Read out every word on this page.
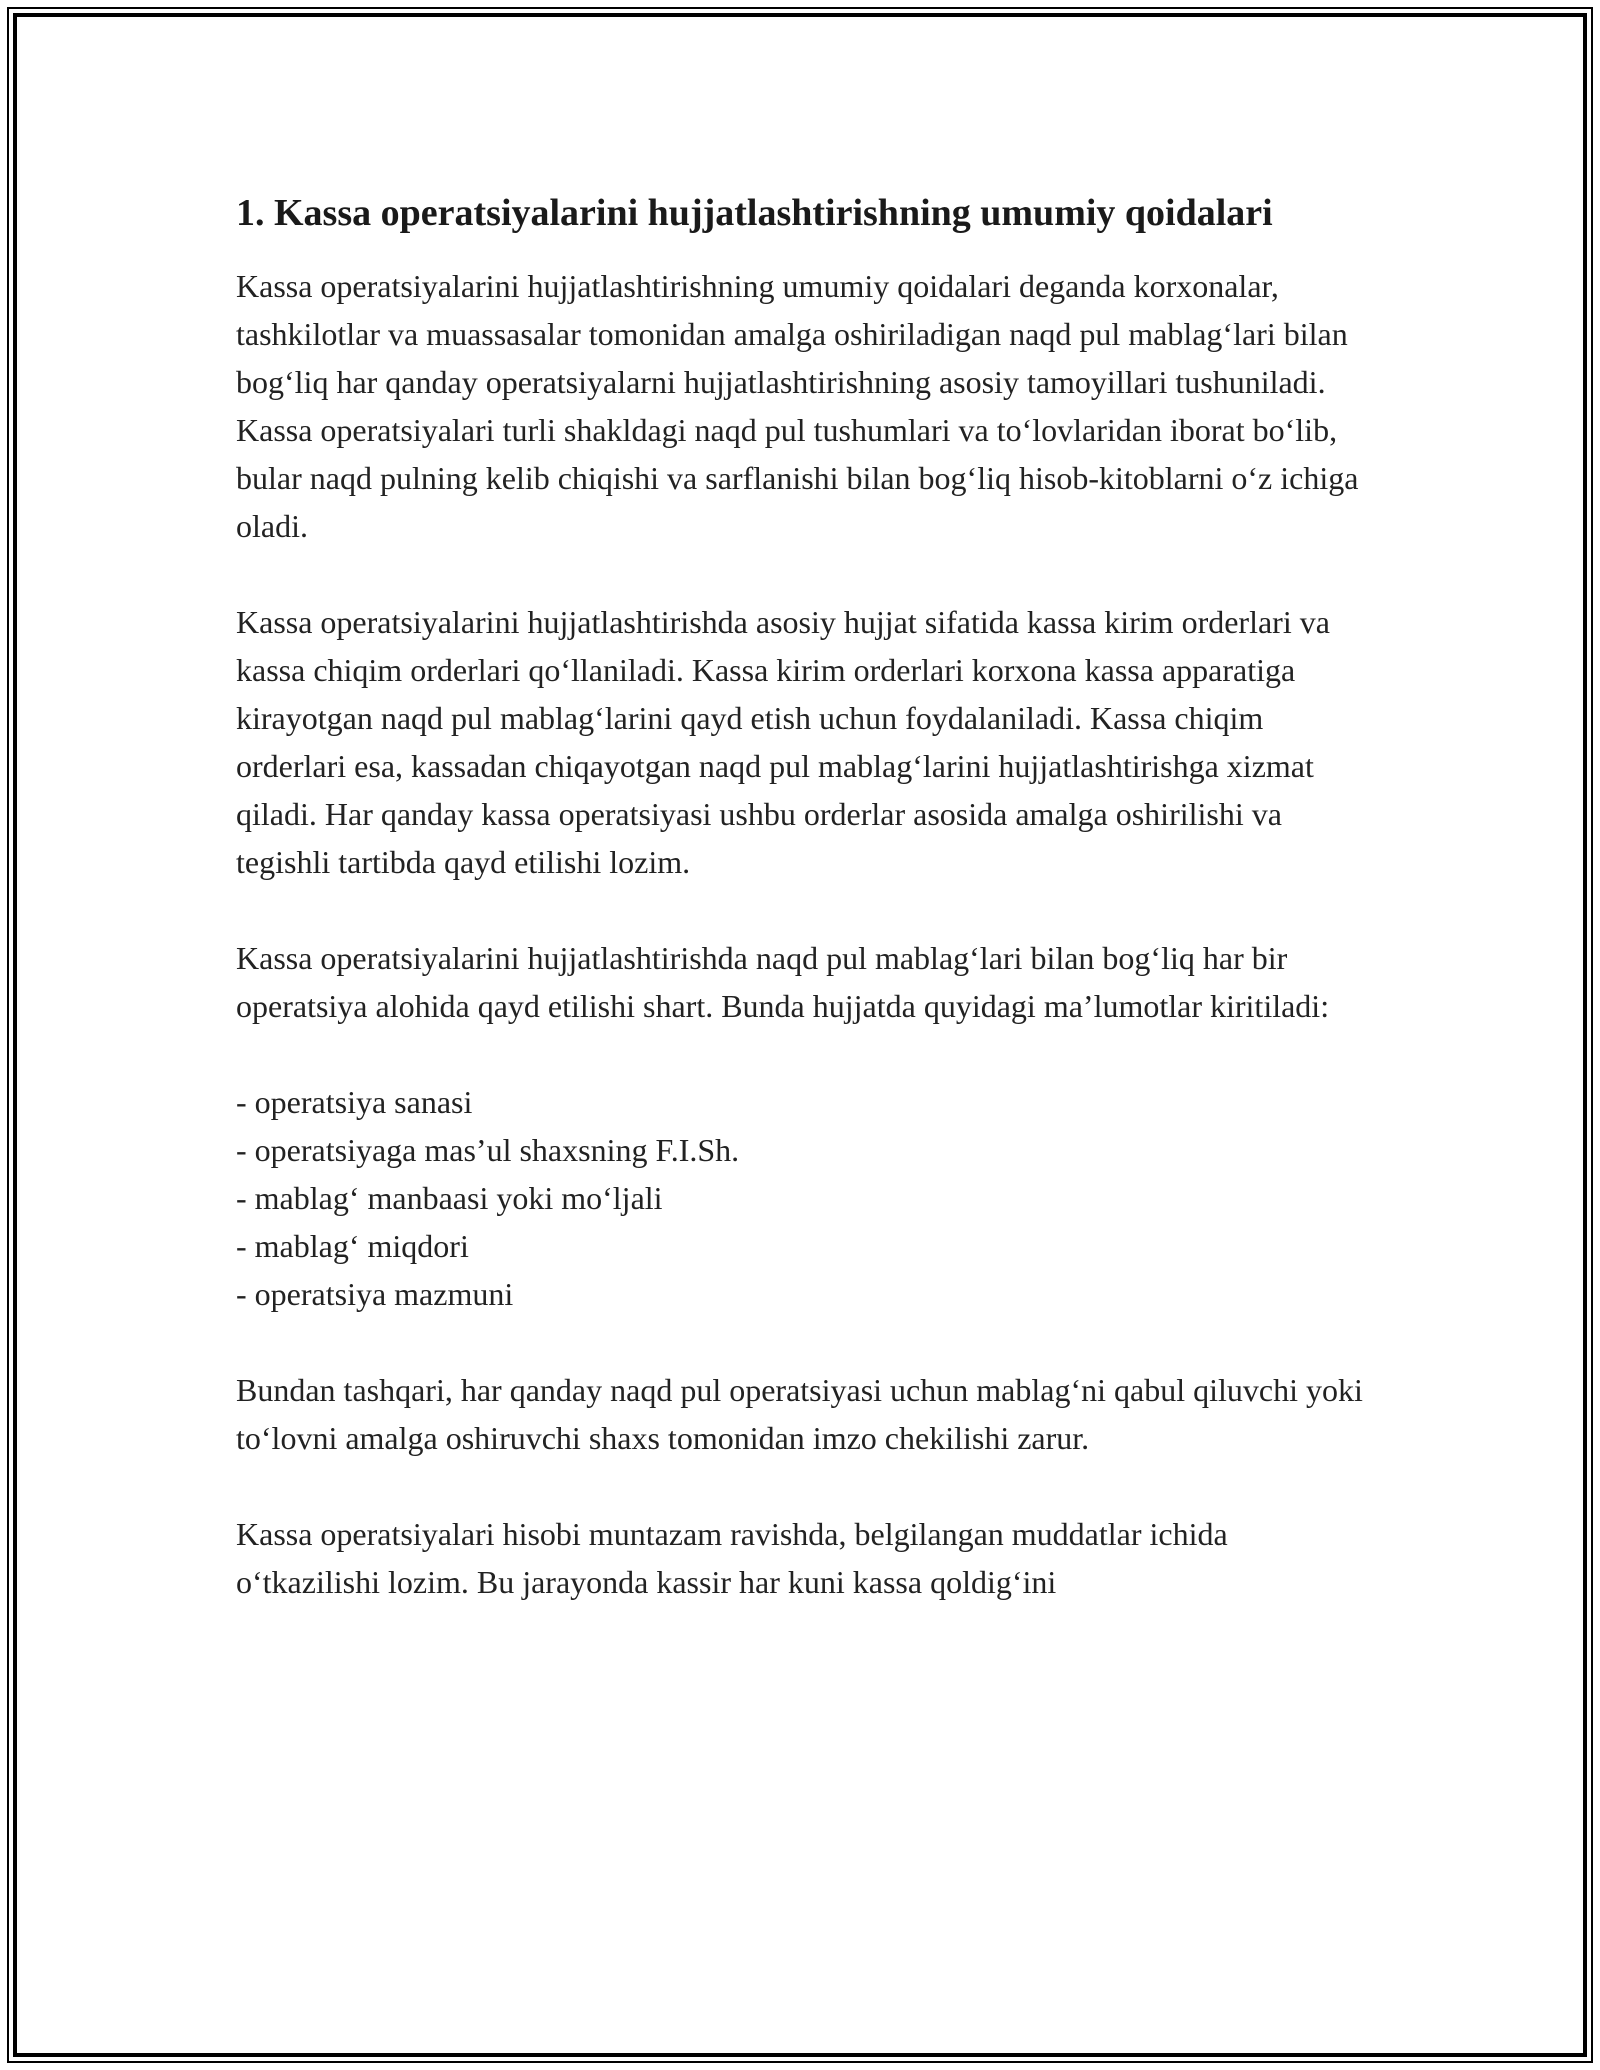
1. Kassa operatsiyalarini hujjatlashtirishning umumiy qoidalari

Kassa operatsiyalarini hujjatlashtirishning umumiy qoidalari deganda korxonalar, tashkilotlar va muassasalar tomonidan amalga oshiriladigan naqd pul mablag‘lari bilan bog‘liq har qanday operatsiyalarni hujjatlashtirishning asosiy tamoyillari tushuniladi. Kassa operatsiyalari turli shakldagi naqd pul tushumlari va to‘lovlaridan iborat bo‘lib, bular naqd pulning kelib chiqishi va sarflanishi bilan bog‘liq hisob-kitoblarni o‘z ichiga oladi.

Kassa operatsiyalarini hujjatlashtirishda asosiy hujjat sifatida kassa kirim orderlari va kassa chiqim orderlari qo‘llaniladi. Kassa kirim orderlari korxona kassa apparatiga kirayotgan naqd pul mablag‘larini qayd etish uchun foydalaniladi. Kassa chiqim orderlari esa, kassadan chiqayotgan naqd pul mablag‘larini hujjatlashtirishga xizmat qiladi. Har qanday kassa operatsiyasi ushbu orderlar asosida amalga oshirilishi va tegishli tartibda qayd etilishi lozim.

Kassa operatsiyalarini hujjatlashtirishda naqd pul mablag‘lari bilan bog‘liq har bir operatsiya alohida qayd etilishi shart. Bunda hujjatda quyidagi ma’lumotlar kiritiladi:

- operatsiya sanasi
- operatsiyaga mas’ul shaxsning F.I.Sh.
- mablag‘ manbaasi yoki mo‘ljali
- mablag‘ miqdori
- operatsiya mazmuni

Bundan tashqari, har qanday naqd pul operatsiyasi uchun mablag‘ni qabul qiluvchi yoki to‘lovni amalga oshiruvchi shaxs tomonidan imzo chekilishi zarur.

Kassa operatsiyalari hisobi muntazam ravishda, belgilangan muddatlar ichida o‘tkazilishi lozim. Bu jarayonda kassir har kuni kassa qoldig‘ini
